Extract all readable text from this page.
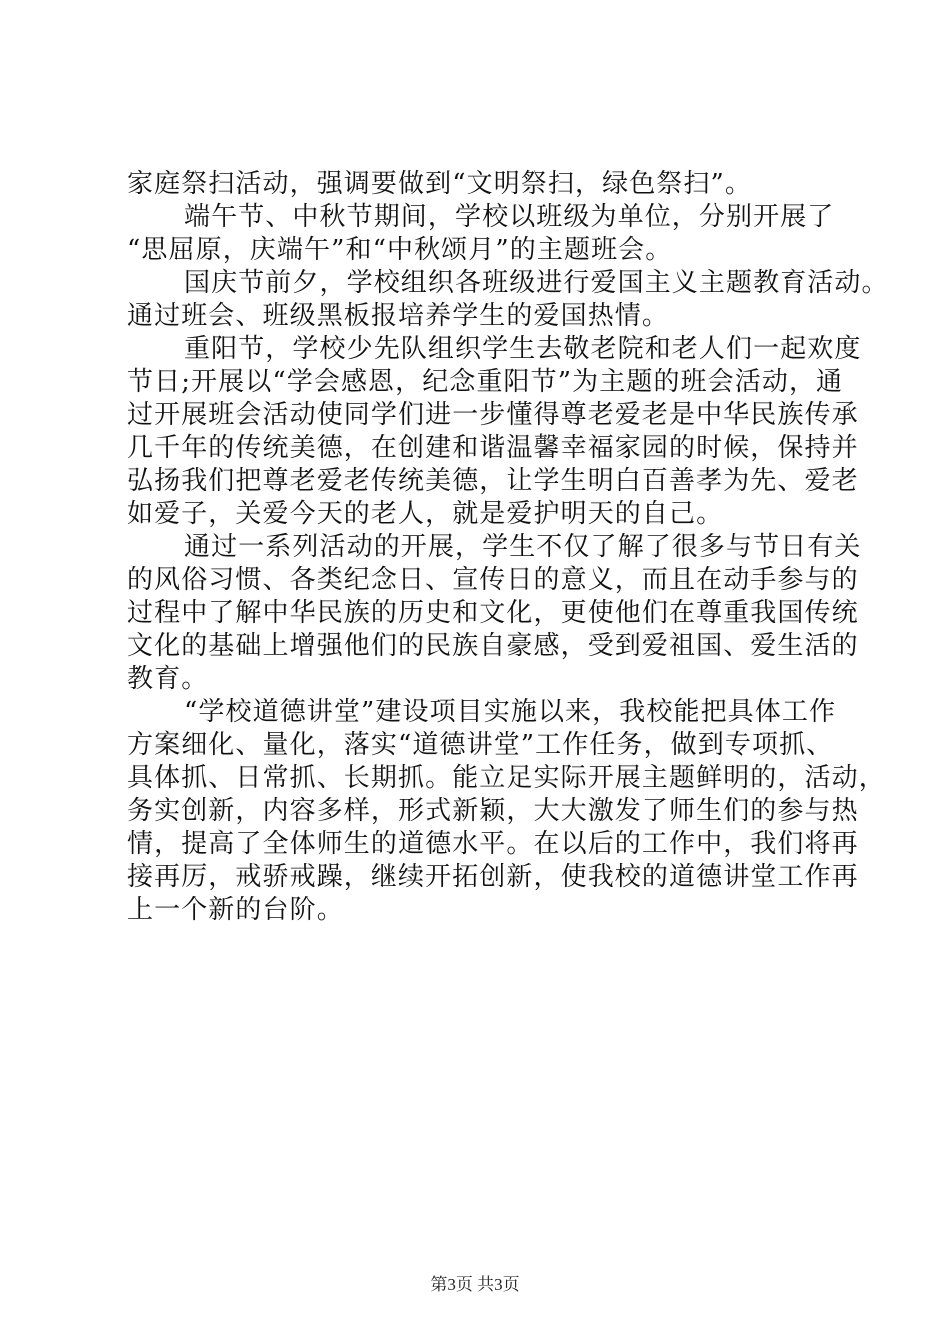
家庭祭扫活动，强调要做到“文明祭扫，绿色祭扫”。
端午节、中秋节期间，学校以班级为单位，分别开展了
“思屈原，庆端午”和“中秋颂月”的主题班会。
国庆节前夕，学校组织各班级进行爱国主义主题教育活动。
通过班会、班级黑板报培养学生的爱国热情。
重阳节，学校少先队组织学生去敬老院和老人们一起欢度
节日;开展以“学会感恩，纪念重阳节”为主题的班会活动，通
过开展班会活动使同学们进一步懂得尊老爱老是中华民族传承
几千年的传统美德，在创建和谐温馨幸福家园的时候，保持并
弘扬我们把尊老爱老传统美德，让学生明白百善孝为先、爱老
如爱子，关爱今天的老人，就是爱护明天的自己。
通过一系列活动的开展，学生不仅了解了很多与节日有关
的风俗习惯、各类纪念日、宣传日的意义，而且在动手参与的
过程中了解中华民族的历史和文化，更使他们在尊重我国传统
文化的基础上增强他们的民族自豪感，受到爱祖国、爱生活的
教育。
“学校道德讲堂”建设项目实施以来，我校能把具体工作
方案细化、量化，落实“道德讲堂”工作任务，做到专项抓、
具体抓、日常抓、长期抓。能立足实际开展主题鲜明的，活动，
务实创新，内容多样，形式新颖，大大激发了师生们的参与热
情，提高了全体师生的道德水平。在以后的工作中，我们将再
接再厉，戒骄戒躁，继续开拓创新，使我校的道德讲堂工作再
上一个新的台阶。
第3页 共3页
